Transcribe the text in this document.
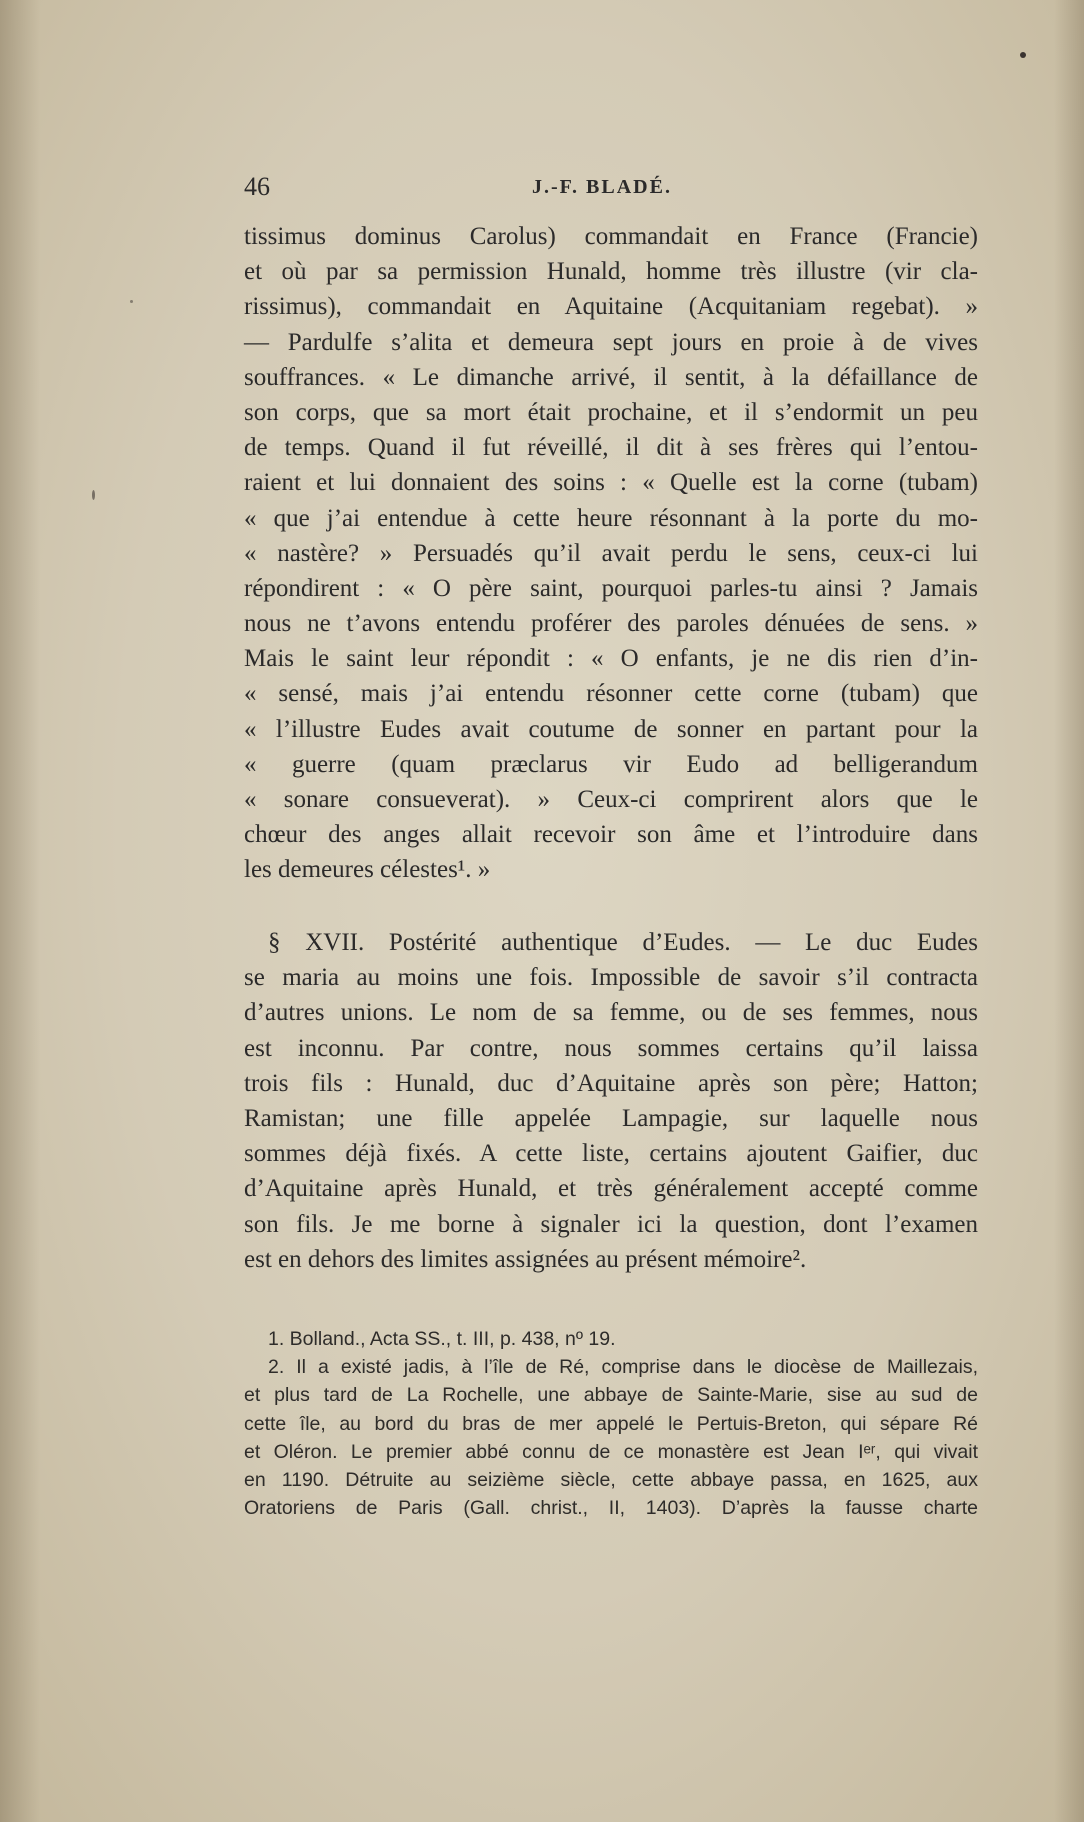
46	J.-F. BLADÉ.
tissimus dominus Carolus) commandait en France (Francie)
et où par sa permission Hunald, homme très illustre (vir cla-
rissimus), commandait en Aquitaine (Acquitaniam regebat). »
— Pardulfe s’alita et demeura sept jours en proie à de vives
souffrances. « Le dimanche arrivé, il sentit, à la défaillance de
son corps, que sa mort était prochaine, et il s’endormit un peu
de temps. Quand il fut réveillé, il dit à ses frères qui l’entou-
raient et lui donnaient des soins : « Quelle est la corne (tubam)
« que j’ai entendue à cette heure résonnant à la porte du mo-
« nastère? » Persuadés qu’il avait perdu le sens, ceux-ci lui
répondirent : « O père saint, pourquoi parles-tu ainsi ? Jamais
nous ne t’avons entendu proférer des paroles dénuées de sens. »
Mais le saint leur répondit : « O enfants, je ne dis rien d’in-
« sensé, mais j’ai entendu résonner cette corne (tubam) que
« l’illustre Eudes avait coutume de sonner en partant pour la
« guerre (quam præclarus vir Eudo ad belligerandum
« sonare consueverat). » Ceux-ci comprirent alors que le
chœur des anges allait recevoir son âme et l’introduire dans
les demeures célestes¹. »
§ XVII. Postérité authentique d’Eudes. — Le duc Eudes
se maria au moins une fois. Impossible de savoir s’il contracta
d’autres unions. Le nom de sa femme, ou de ses femmes, nous
est inconnu. Par contre, nous sommes certains qu’il laissa
trois fils : Hunald, duc d’Aquitaine après son père; Hatton;
Ramistan; une fille appelée Lampagie, sur laquelle nous
sommes déjà fixés. A cette liste, certains ajoutent Gaifier, duc
d’Aquitaine après Hunald, et très généralement accepté comme
son fils. Je me borne à signaler ici la question, dont l’examen
est en dehors des limites assignées au présent mémoire².
1. Bolland., Acta SS., t. III, p. 438, nº 19.
2. Il a existé jadis, à l’île de Ré, comprise dans le diocèse de Maillezais,
et plus tard de La Rochelle, une abbaye de Sainte-Marie, sise au sud de
cette île, au bord du bras de mer appelé le Pertuis-Breton, qui sépare Ré
et Oléron. Le premier abbé connu de ce monastère est Jean Iᵉʳ, qui vivait
en 1190. Détruite au seizième siècle, cette abbaye passa, en 1625, aux
Oratoriens de Paris (Gall. christ., II, 1403). D’après la fausse charte
